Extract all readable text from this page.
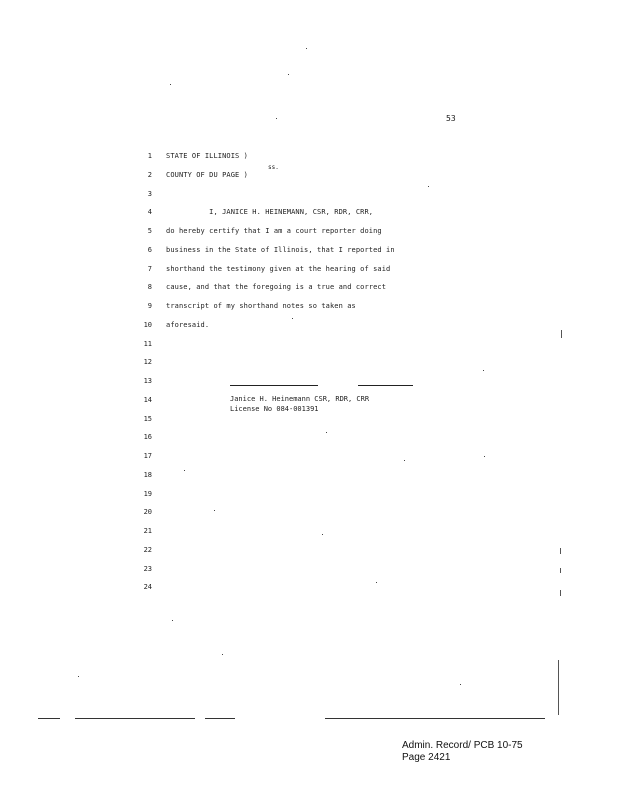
53
ss.
1 STATE OF ILLINOIS )
2 COUNTY OF DU PAGE )
3
4 I, JANICE H. HEINEMANN, CSR, RDR, CRR,
5 do hereby certify that I am a court reporter doing
6 business in the State of Illinois, that I reported in
7 shorthand the testimony given at the hearing of said
8 cause, and that the foregoing is a true and correct
9 transcript of my shorthand notes so taken as
10 aforesaid.
11
12
13
14
15
16
17
18
19
20
21
22
23
24
Janice H. Heinemann CSR, RDR, CRR
License No 084-001391
Admin. Record/ PCB 10-75
Page 2421
